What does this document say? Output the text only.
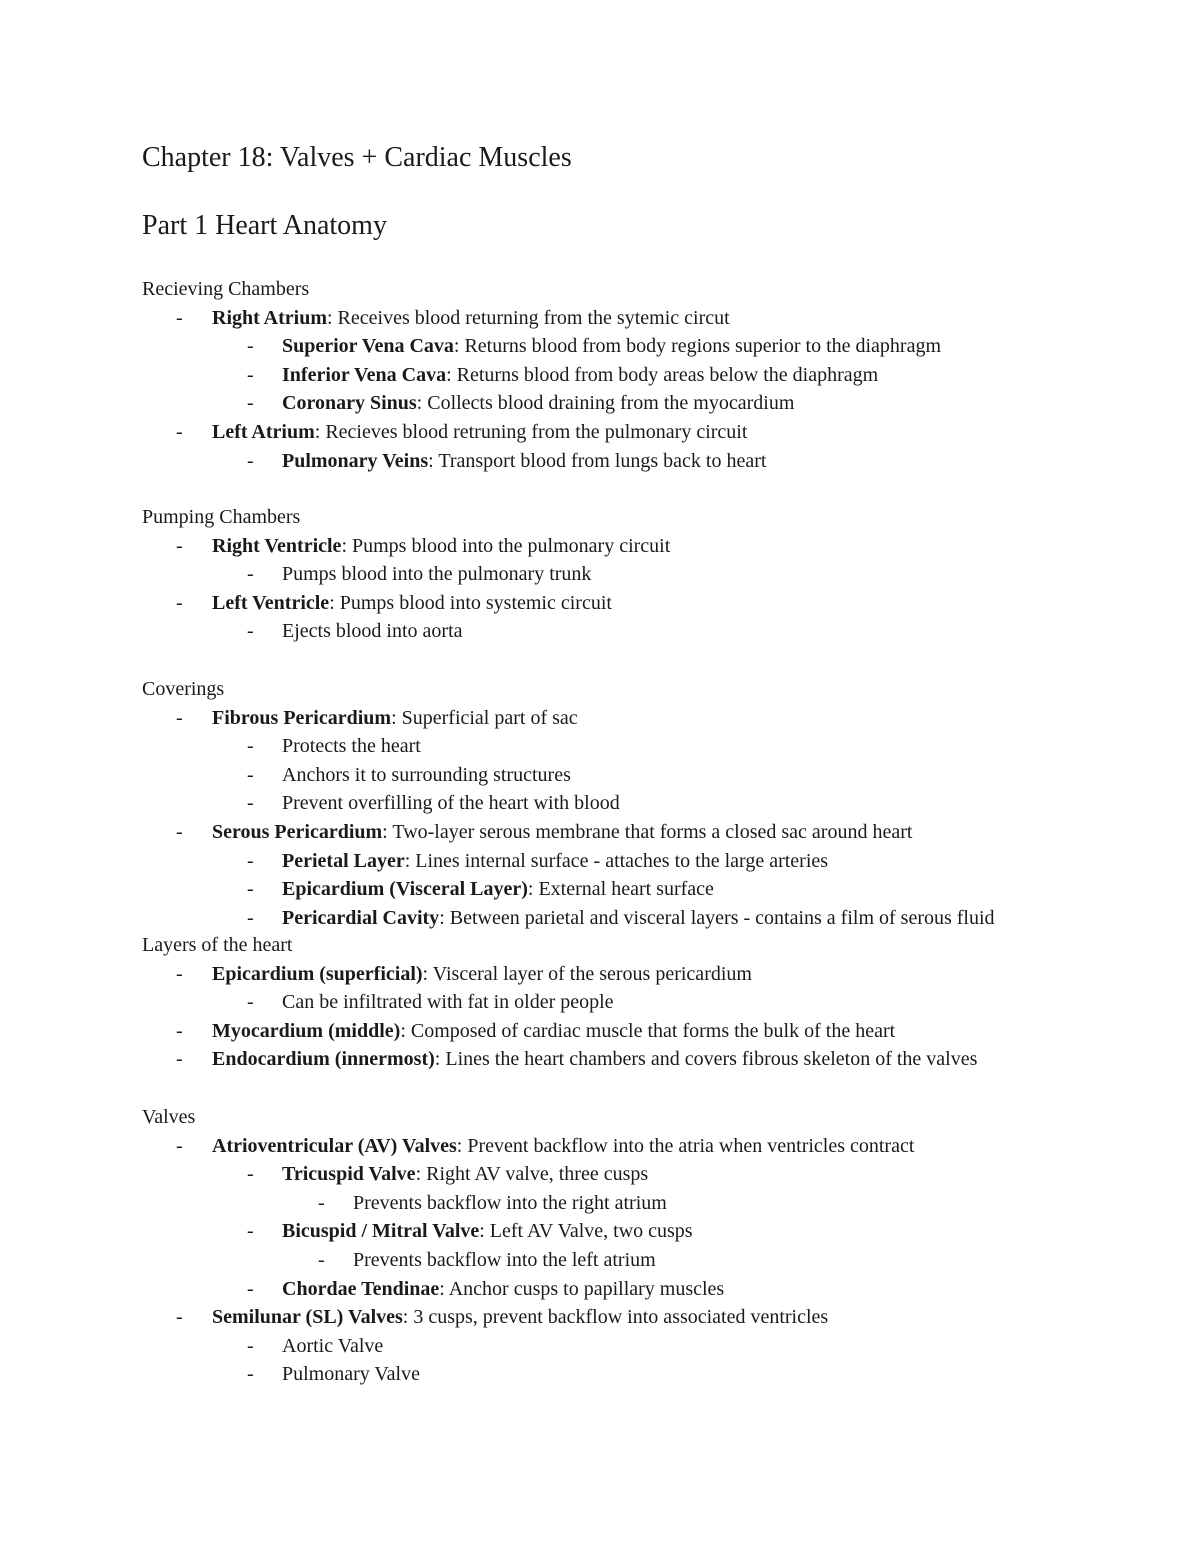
Chapter 18: Valves + Cardiac Muscles
Part 1 Heart Anatomy
Recieving Chambers
- Right Atrium: Receives blood returning from the sytemic circut
- Superior Vena Cava: Returns blood from body regions superior to the diaphragm
- Inferior Vena Cava: Returns blood from body areas below the diaphragm
- Coronary Sinus: Collects blood draining from the myocardium
- Left Atrium: Recieves blood retruning from the pulmonary circuit
- Pulmonary Veins: Transport blood from lungs back to heart
Pumping Chambers
- Right Ventricle: Pumps blood into the pulmonary circuit
- Pumps blood into the pulmonary trunk
- Left Ventricle: Pumps blood into systemic circuit
- Ejects blood into aorta
Coverings
- Fibrous Pericardium: Superficial part of sac
- Protects the heart
- Anchors it to surrounding structures
- Prevent overfilling of the heart with blood
- Serous Pericardium: Two-layer serous membrane that forms a closed sac around heart
- Perietal Layer: Lines internal surface - attaches to the large arteries
- Epicardium (Visceral Layer): External heart surface
- Pericardial Cavity: Between parietal and visceral layers - contains a film of serous fluid
Layers of the heart
- Epicardium (superficial): Visceral layer of the serous pericardium
- Can be infiltrated with fat in older people
- Myocardium (middle): Composed of cardiac muscle that forms the bulk of the heart
- Endocardium (innermost): Lines the heart chambers and covers fibrous skeleton of the valves
Valves
- Atrioventricular (AV) Valves: Prevent backflow into the atria when ventricles contract
- Tricuspid Valve: Right AV valve, three cusps
- Prevents backflow into the right atrium
- Bicuspid / Mitral Valve: Left AV Valve, two cusps
- Prevents backflow into the left atrium
- Chordae Tendinae: Anchor cusps to papillary muscles
- Semilunar (SL) Valves: 3 cusps, prevent backflow into associated ventricles
- Aortic Valve
- Pulmonary Valve
